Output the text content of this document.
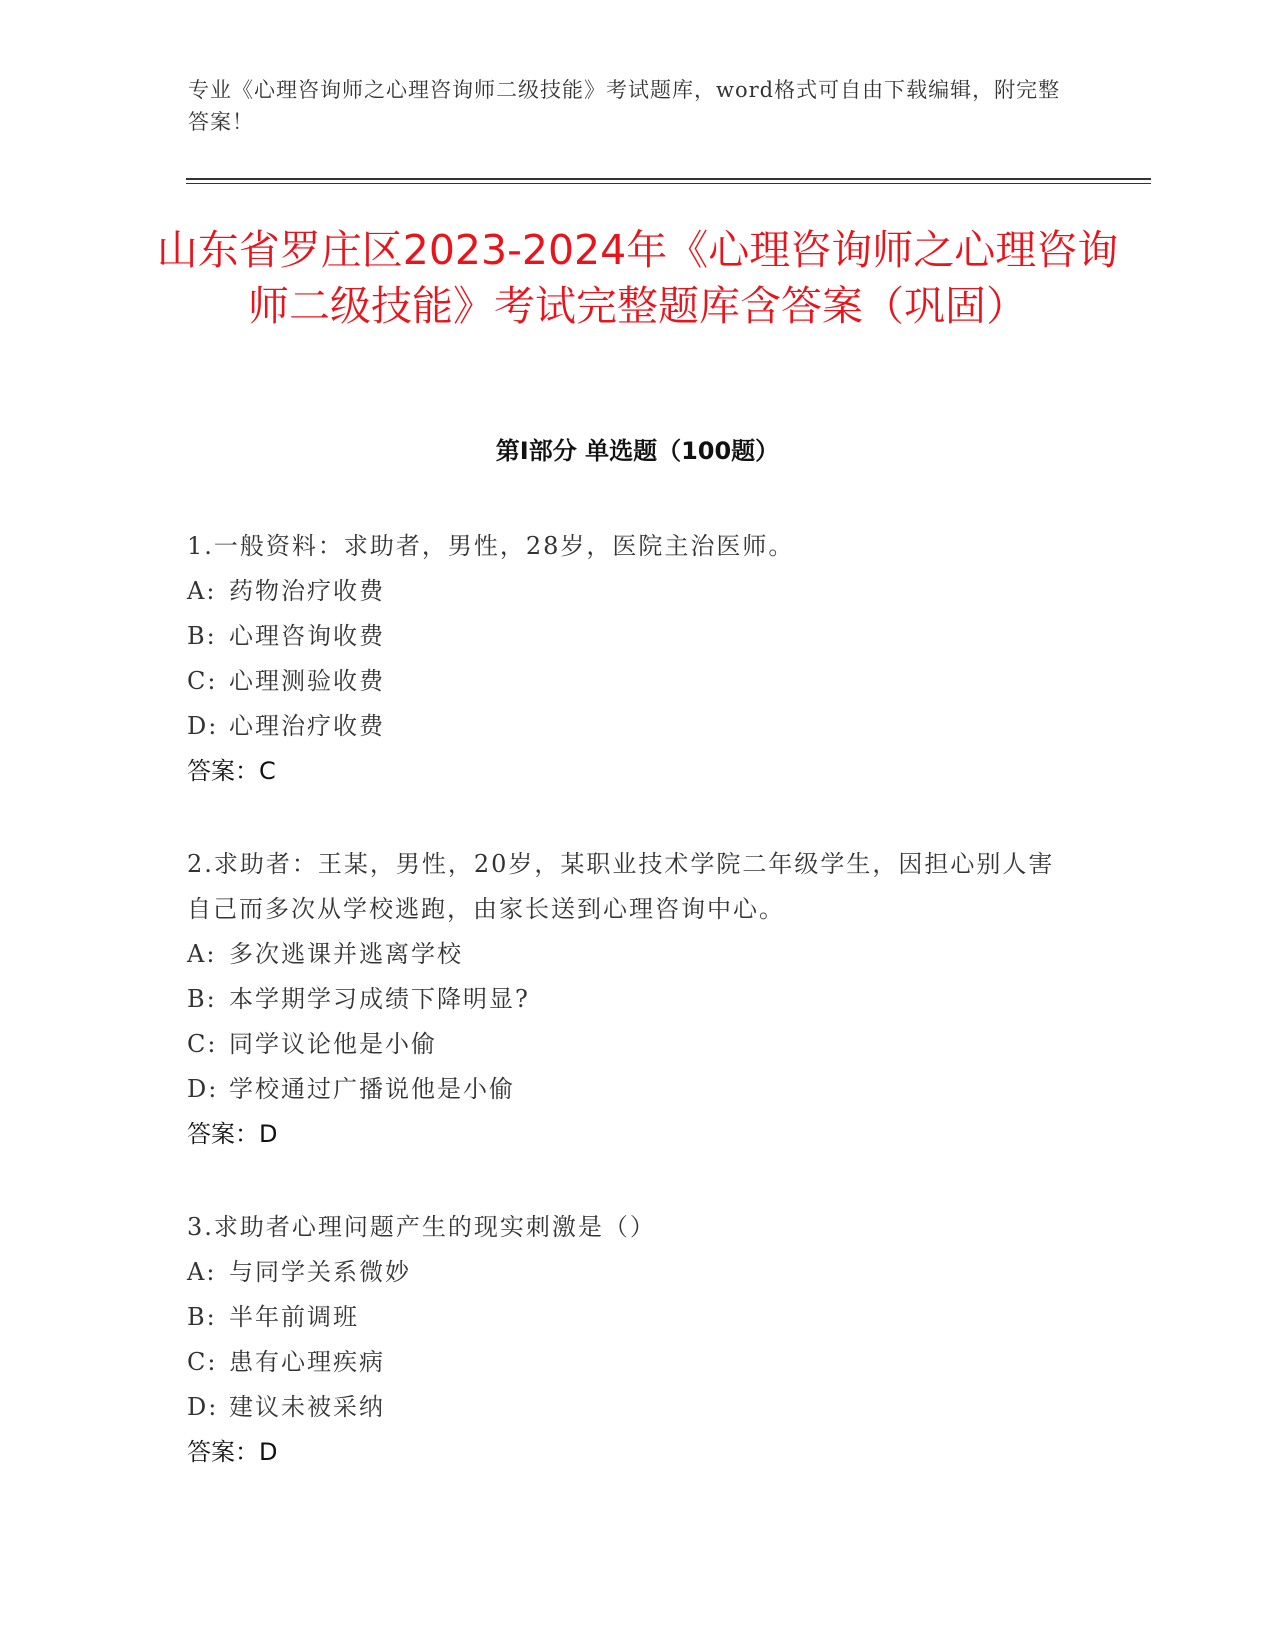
专业《心理咨询师之心理咨询师二级技能》考试题库，word格式可自由下载编辑，附完整答案！
山东省罗庄区2023-2024年《心理咨询师之心理咨询师二级技能》考试完整题库含答案（巩固）
第I部分 单选题（100题）

1.一般资料：求助者，男性，28岁，医院主治医师。

A: 药物治疗收费

B: 心理咨询收费

C: 心理测验收费

D: 心理治疗收费

答案：C

2.求助者：王某，男性，20岁，某职业技术学院二年级学生，因担心别人害自己而多次从学校逃跑，由家长送到心理咨询中心。

A: 多次逃课并逃离学校

B: 本学期学习成绩下降明显?

C: 同学议论他是小偷

D: 学校通过广播说他是小偷

答案：D

3.求助者心理问题产生的现实刺激是（）

A: 与同学关系微妙

B: 半年前调班

C: 患有心理疾病

D: 建议未被采纳

答案：D
